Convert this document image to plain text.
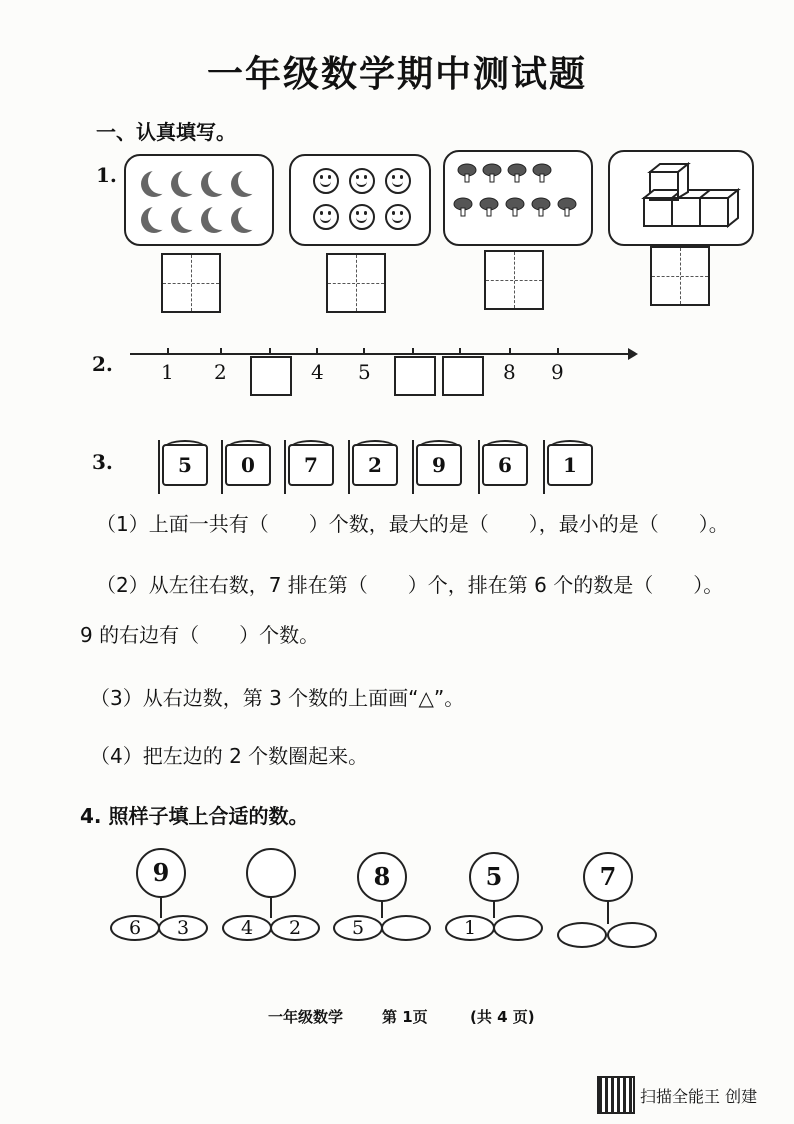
一年级数学期中测试题
一、认真填写。
1.
2. 1 2	4 5	8 9
3.	5	0	7	2	9	6	1
（1）上面一共有（　　）个数，最大的是（　　），最小的是（　　）。
（2）从左往右数，7 排在第（　　）个，排在第 6 个的数是（　　）。
9 的右边有（　　）个数。
（3）从右边数，第 3 个数的上面画“△”。
（4）把左边的 2 个数圈起来。
4. 照样子填上合适的数。
9
6	3	4	2
8
5
5
1
7
一年级数学	第 1页	(共 4 页)
扫描全能王 创建
